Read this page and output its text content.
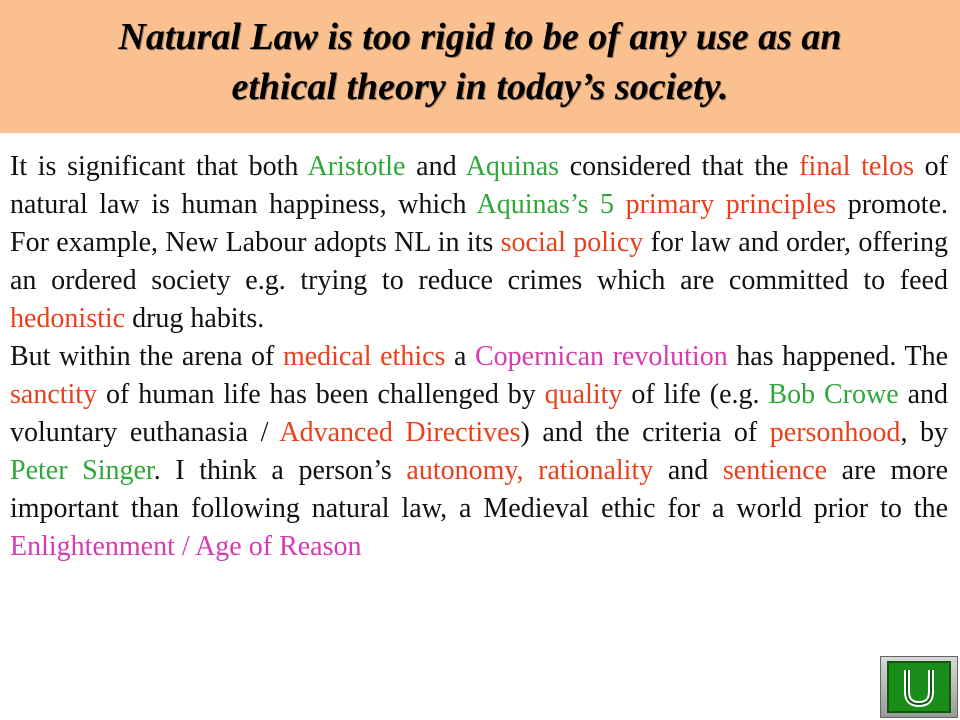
Natural Law is too rigid to be of any use as an
ethical theory in today’s society.

It is significant that both Aristotle and Aquinas considered that the final telos of natural law is human happiness, which Aquinas’s 5 primary principles promote. For example, New Labour adopts NL in its social policy for law and order, offering an ordered society e.g. trying to reduce crimes which are committed to feed hedonistic drug habits.

But within the arena of medical ethics a Copernican revolution has happened. The sanctity of human life has been challenged by quality of life (e.g. Bob Crowe and voluntary euthanasia / Advanced Directives) and the criteria of personhood, by Peter Singer. I think a person’s autonomy, rationality and sentience are more important than following natural law, a Medieval ethic for a world prior to the Enlightenment / Age of Reason
